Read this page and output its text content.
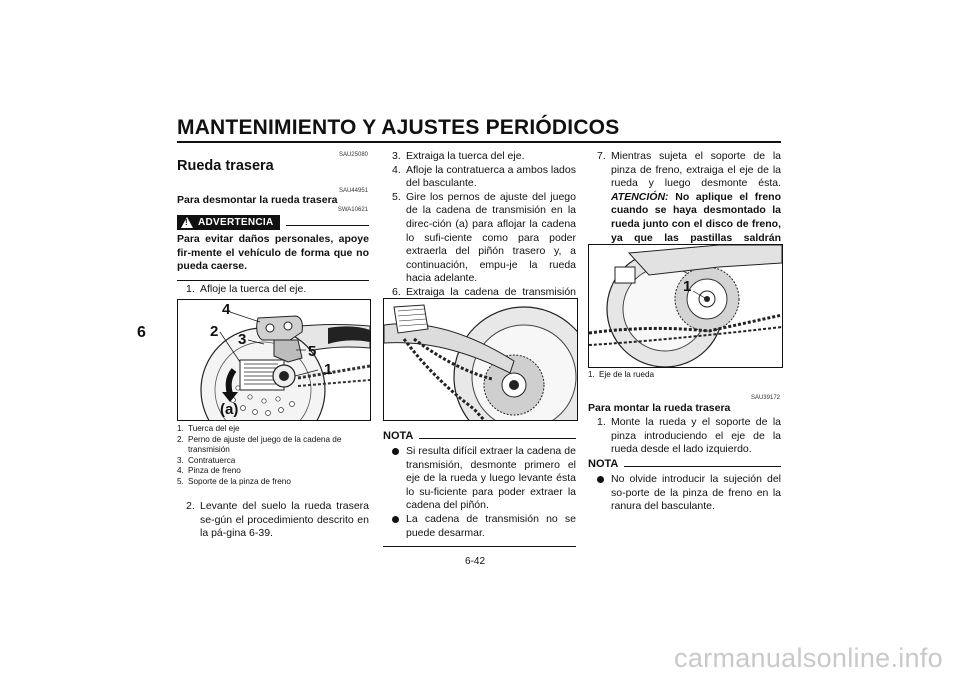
MANTENIMIENTO Y AJUSTES PERIÓDICOS
6
SAU25080
Rueda trasera
SAU44951
Para desmontar la rueda trasera
SWA10621
! ADVERTENCIA
Para evitar daños personales, apoye fir-mente el vehículo de forma que no pueda caerse.
1. Afloje la tuerca del eje.
4
2 3
5
1
(a)
1. Tuerca del eje
2. Perno de ajuste del juego de la cadena de transmisión
3. Contratuerca
4. Pinza de freno
5. Soporte de la pinza de freno
2. Levante del suelo la rueda trasera se-gún el procedimiento descrito en la pá-gina 6-39.
3. Extraiga la tuerca del eje.
4. Afloje la contratuerca a ambos lados del basculante.
5. Gire los pernos de ajuste del juego de la cadena de transmisión en la direc-ción (a) para aflojar la cadena lo sufi-ciente como para poder extraerla del piñón trasero y, a continuación, empu-je la rueda hacia adelante.
6. Extraiga la cadena de transmisión
NOTA
Si resulta difícil extraer la cadena de transmisión, desmonte primero el eje de la rueda y luego levante ésta lo su-ficiente para poder extraer la cadena del piñón.
La cadena de transmisión no se puede desarmar.
7. Mientras sujeta el soporte de la pinza de freno, extraiga el eje de la rueda y luego desmonte ésta. ATENCIÓN: No aplique el freno cuando se haya desmontado la rueda junto con el disco de freno, ya que las pastillas saldrán
1
1. Eje de la rueda
SAU39172
Para montar la rueda trasera
1. Monte la rueda y el soporte de la pinza introduciendo el eje de la rueda desde el lado izquierdo.
NOTA
No olvide introducir la sujeción del so-porte de la pinza de freno en la ranura del basculante.
6-42
carmanualsonline.info
